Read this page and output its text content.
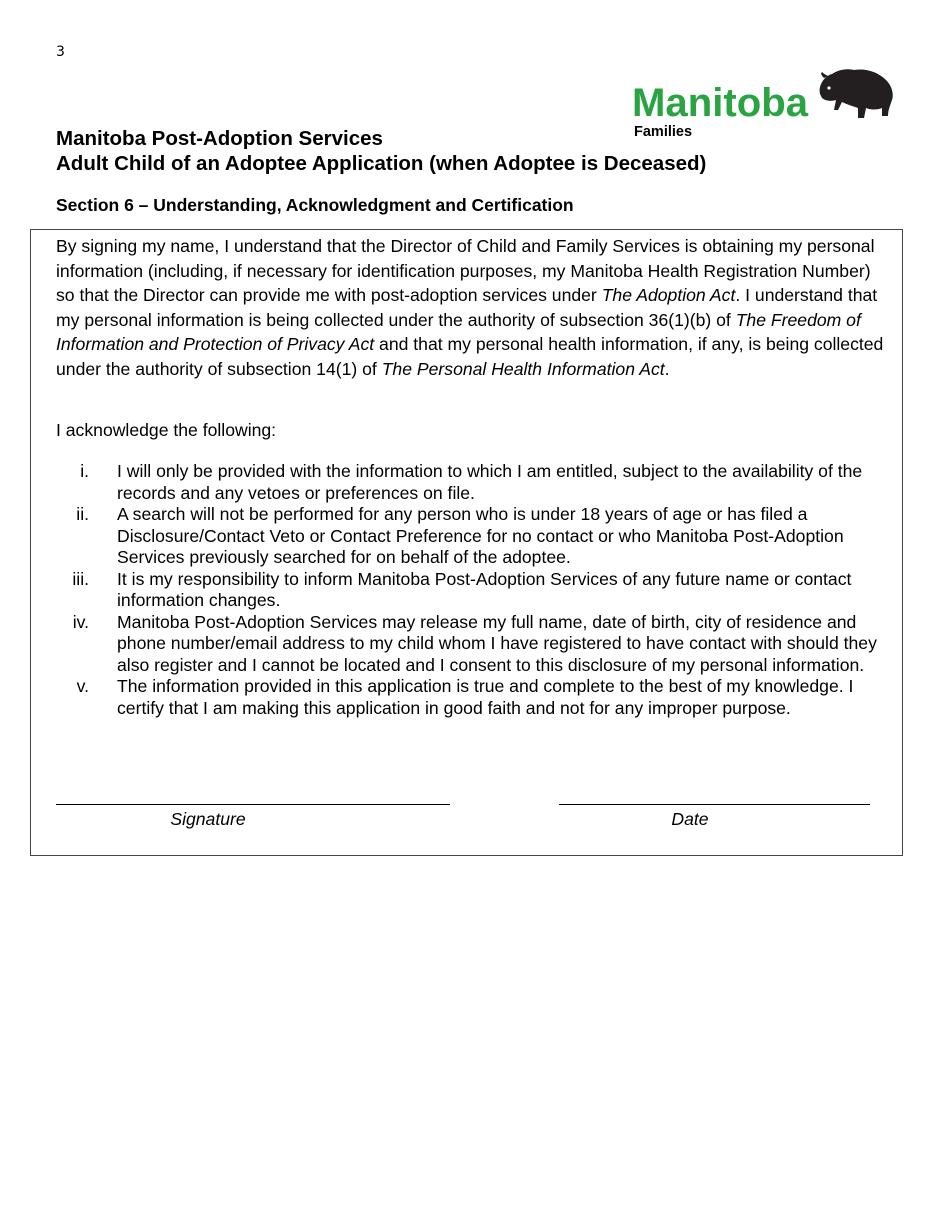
3
Manitoba
Families
Manitoba Post-Adoption Services
Adult Child of an Adoptee Application (when Adoptee is Deceased)
Section 6 – Understanding, Acknowledgment and Certification

By signing my name, I understand that the Director of Child and Family Services is obtaining my personal information (including, if necessary for identification purposes, my Manitoba Health Registration Number) so that the Director can provide me with post-adoption services under The Adoption Act. I understand that my personal information is being collected under the authority of subsection 36(1)(b) of The Freedom of Information and Protection of Privacy Act and that my personal health information, if any, is being collected under the authority of subsection 14(1) of The Personal Health Information Act.

I acknowledge the following:

i. I will only be provided with the information to which I am entitled, subject to the availability of the records and any vetoes or preferences on file.
ii. A search will not be performed for any person who is under 18 years of age or has filed a Disclosure/Contact Veto or Contact Preference for no contact or who Manitoba Post-Adoption Services previously searched for on behalf of the adoptee.
iii. It is my responsibility to inform Manitoba Post-Adoption Services of any future name or contact information changes.
iv. Manitoba Post-Adoption Services may release my full name, date of birth, city of residence and phone number/email address to my child whom I have registered to have contact with should they also register and I cannot be located and I consent to this disclosure of my personal information.
v. The information provided in this application is true and complete to the best of my knowledge. I certify that I am making this application in good faith and not for any improper purpose.
Signature	Date
